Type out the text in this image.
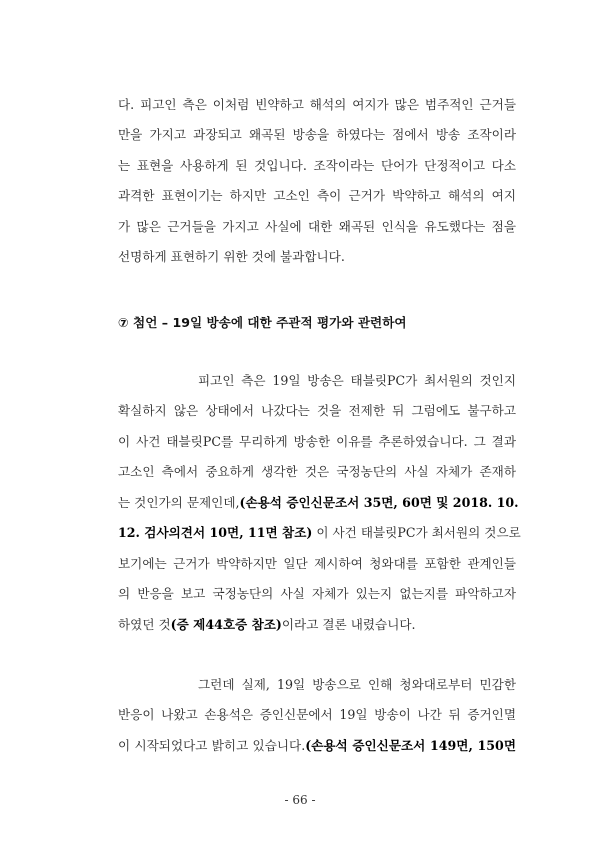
다. 피고인 측은 이처럼 빈약하고 해석의 여지가 많은 범주적인 근거들
만을 가지고 과장되고 왜곡된 방송을 하였다는 점에서 방송 조작이라
는 표현을 사용하게 된 것입니다. 조작이라는 단어가 단정적이고 다소
과격한 표현이기는 하지만 고소인 측이 근거가 박약하고 해석의 여지
가 많은 근거들을 가지고 사실에 대한 왜곡된 인식을 유도했다는 점을
선명하게 표현하기 위한 것에 불과합니다.
⑦ 첨언 – 19일 방송에 대한 주관적 평가와 관련하여
피고인 측은 19일 방송은 태블릿PC가 최서원의 것인지
확실하지 않은 상태에서 나갔다는 것을 전제한 뒤 그럼에도 불구하고
이 사건 태블릿PC를 무리하게 방송한 이유를 추론하였습니다. 그 결과
고소인 측에서 중요하게 생각한 것은 국정농단의 사실 자체가 존재하
는 것인가의 문제인데,(손용석 증인신문조서 35면, 60면 및 2018. 10.
12. 검사의견서 10면, 11면 참조) 이 사건 태블릿PC가 최서원의 것으로
보기에는 근거가 박약하지만 일단 제시하여 청와대를 포함한 관계인들
의 반응을 보고 국정농단의 사실 자체가 있는지 없는지를 파악하고자
하였던 것(증 제44호증 참조)이라고 결론 내렸습니다.
그런데 실제, 19일 방송으로 인해 청와대로부터 민감한
반응이 나왔고 손용석은 증인신문에서 19일 방송이 나간 뒤 증거인멸
이 시작되었다고 밝히고 있습니다.(손용석 증인신문조서 149면, 150면
- 66 -
